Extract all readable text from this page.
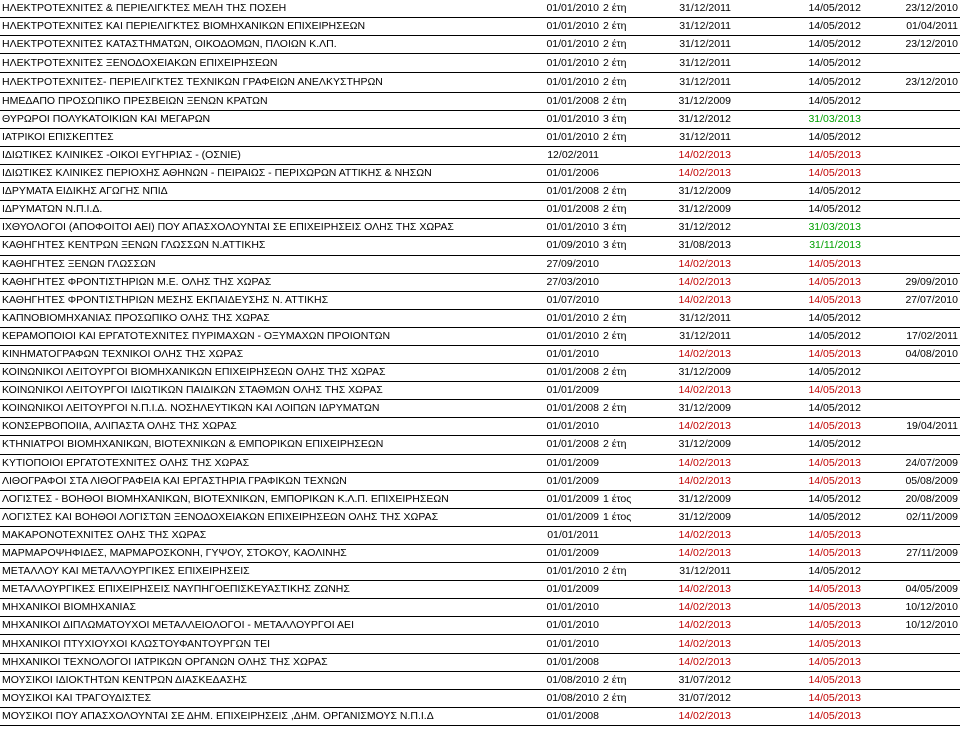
ΗΛΕΚΤΡΟΤΕΧΝΙΤΕΣ & ΠΕΡΙΕΛΙΓΚΤΕΣ ΜΕΛΗ ΤΗΣ ΠΟΣΕΗ	01/01/2010	2 έτη	31/12/2011	14/05/2012	23/12/2010
ΗΛΕΚΤΡΟΤΕΧΝΙΤΕΣ ΚΑΙ ΠΕΡΙΕΛΙΓΚΤΕΣ ΒΙΟΜΗΧΑΝΙΚΩΝ ΕΠΙΧΕΙΡΗΣΕΩΝ	01/01/2010	2 έτη	31/12/2011	14/05/2012	01/04/2011
ΗΛΕΚΤΡΟΤΕΧΝΙΤΕΣ ΚΑΤΑΣΤΗΜΑΤΩΝ, ΟΙΚΟΔΟΜΩΝ, ΠΛΟΙΩΝ Κ.ΛΠ.	01/01/2010	2 έτη	31/12/2011	14/05/2012	23/12/2010
ΗΛΕΚΤΡΟΤΕΧΝΙΤΕΣ ΞΕΝΟΔΟΧΕΙΑΚΩΝ ΕΠΙΧΕΙΡΗΣΕΩΝ	01/01/2010	2 έτη	31/12/2011	14/05/2012	
ΗΛΕΚΤΡΟΤΕΧΝΙΤΕΣ- ΠΕΡΙΕΛΙΓΚΤΕΣ ΤΕΧΝΙΚΩΝ ΓΡΑΦΕΙΩΝ ΑΝΕΛΚΥΣΤΗΡΩΝ	01/01/2010	2 έτη	31/12/2011	14/05/2012	23/12/2010
ΗΜΕΔΑΠΟ ΠΡΟΣΩΠΙΚΟ ΠΡΕΣΒΕΙΩΝ ΞΕΝΩΝ ΚΡΑΤΩΝ	01/01/2008	2 έτη	31/12/2009	14/05/2012	
ΘΥΡΩΡΟΙ ΠΟΛΥΚΑΤΟΙΚΙΩΝ ΚΑΙ ΜΕΓΑΡΩΝ	01/01/2010	3 έτη	31/12/2012	31/03/2013	
ΙΑΤΡΙΚΟΙ ΕΠΙΣΚΕΠΤΕΣ	01/01/2010	2 έτη	31/12/2011	14/05/2012	
ΙΔΙΩΤΙΚΕΣ ΚΛΙΝΙΚΕΣ -ΟΙΚΟΙ ΕΥΓΗΡΙΑΣ - (ΟΣΝΙΕ)	12/02/2011		14/02/2013	14/05/2013	
ΙΔΙΩΤΙΚΕΣ ΚΛΙΝΙΚΕΣ ΠΕΡΙΟΧΗΣ ΑΘΗΝΩΝ - ΠΕΙΡΑΙΩΣ - ΠΕΡΙΧΩΡΩΝ ΑΤΤΙΚΗΣ & ΝΗΣΩΝ	01/01/2006		14/02/2013	14/05/2013	
ΙΔΡΥΜΑΤΑ ΕΙΔΙΚΗΣ ΑΓΩΓΗΣ ΝΠΙΔ	01/01/2008	2 έτη	31/12/2009	14/05/2012	
ΙΔΡΥΜΑΤΩΝ Ν.Π.Ι.Δ.	01/01/2008	2 έτη	31/12/2009	14/05/2012	
ΙΧΘΥΟΛΟΓΟΙ (ΑΠΟΦΟΙΤΟΙ ΑΕΙ) ΠΟΥ ΑΠΑΣΧΟΛΟΥΝΤΑΙ ΣΕ ΕΠΙΧΕΙΡΗΣΕΙΣ ΟΛΗΣ ΤΗΣ ΧΩΡΑΣ	01/01/2010	3 έτη	31/12/2012	31/03/2013	
ΚΑΘΗΓΗΤΕΣ ΚΕΝΤΡΩΝ ΞΕΝΩΝ ΓΛΩΣΣΩΝ Ν.ΑΤΤΙΚΗΣ	01/09/2010	3 έτη	31/08/2013	31/11/2013	
ΚΑΘΗΓΗΤΕΣ ΞΕΝΩΝ ΓΛΩΣΣΩΝ	27/09/2010		14/02/2013	14/05/2013	
ΚΑΘΗΓΗΤΕΣ ΦΡΟΝΤΙΣΤΗΡΙΩΝ Μ.Ε. ΟΛΗΣ ΤΗΣ ΧΩΡΑΣ	27/03/2010		14/02/2013	14/05/2013	29/09/2010
ΚΑΘΗΓΗΤΕΣ ΦΡΟΝΤΙΣΤΗΡΙΩΝ ΜΕΣΗΣ ΕΚΠΑΙΔΕΥΣΗΣ Ν. ΑΤΤΙΚΗΣ	01/07/2010		14/02/2013	14/05/2013	27/07/2010
ΚΑΠΝΟΒΙΟΜΗΧΑΝΙΑΣ ΠΡΟΣΩΠΙΚΟ ΟΛΗΣ ΤΗΣ ΧΩΡΑΣ	01/01/2010	2 έτη	31/12/2011	14/05/2012	
ΚΕΡΑΜΟΠΟΙΟΙ ΚΑΙ ΕΡΓΑΤΟΤΕΧΝΙΤΕΣ ΠΥΡΙΜΑΧΩΝ - ΟΞΥΜΑΧΩΝ ΠΡΟΙΟΝΤΩΝ	01/01/2010	2 έτη	31/12/2011	14/05/2012	17/02/2011
ΚΙΝΗΜΑΤΟΓΡΑΦΩΝ ΤΕΧΝΙΚΟΙ ΟΛΗΣ ΤΗΣ ΧΩΡΑΣ	01/01/2010		14/02/2013	14/05/2013	04/08/2010
ΚΟΙΝΩΝΙΚΟΙ ΛΕΙΤΟΥΡΓΟΙ ΒΙΟΜΗΧΑΝΙΚΩΝ ΕΠΙΧΕΙΡΗΣΕΩΝ ΟΛΗΣ ΤΗΣ ΧΩΡΑΣ	01/01/2008	2 έτη	31/12/2009	14/05/2012	
ΚΟΙΝΩΝΙΚΟΙ ΛΕΙΤΟΥΡΓΟΙ ΙΔΙΩΤΙΚΩΝ ΠΑΙΔΙΚΩΝ ΣΤΑΘΜΩΝ ΟΛΗΣ ΤΗΣ ΧΩΡΑΣ	01/01/2009		14/02/2013	14/05/2013	
ΚΟΙΝΩΝΙΚΟΙ ΛΕΙΤΟΥΡΓΟΙ Ν.Π.Ι.Δ. ΝΟΣΗΛΕΥΤΙΚΩΝ ΚΑΙ ΛΟΙΠΩΝ ΙΔΡΥΜΑΤΩΝ	01/01/2008	2 έτη	31/12/2009	14/05/2012	
ΚΟΝΣΕΡΒΟΠΟΙΙΑ, ΑΛΙΠΑΣΤΑ ΟΛΗΣ ΤΗΣ ΧΩΡΑΣ	01/01/2010		14/02/2013	14/05/2013	19/04/2011
ΚΤΗΝΙΑΤΡΟΙ ΒΙΟΜΗΧΑΝΙΚΩΝ, ΒΙΟΤΕΧΝΙΚΩΝ & ΕΜΠΟΡΙΚΩΝ ΕΠΙΧΕΙΡΗΣΕΩΝ	01/01/2008	2 έτη	31/12/2009	14/05/2012	
ΚΥΤΙΟΠΟΙΟΙ ΕΡΓΑΤΟΤΕΧΝΙΤΕΣ ΟΛΗΣ ΤΗΣ ΧΩΡΑΣ	01/01/2009		14/02/2013	14/05/2013	24/07/2009
ΛΙΘΟΓΡΑΦΟΙ ΣΤΑ ΛΙΘΟΓΡΑΦΕΙΑ ΚΑΙ ΕΡΓΑΣΤΗΡΙΑ ΓΡΑΦΙΚΩΝ ΤΕΧΝΩΝ	01/01/2009		14/02/2013	14/05/2013	05/08/2009
ΛΟΓΙΣΤΕΣ - ΒΟΗΘΟΙ ΒΙΟΜΗΧΑΝΙΚΩΝ, ΒΙΟΤΕΧΝΙΚΩΝ, ΕΜΠΟΡΙΚΩΝ Κ.Λ.Π. ΕΠΙΧΕΙΡΗΣΕΩΝ	01/01/2009	1 έτος	31/12/2009	14/05/2012	20/08/2009
ΛΟΓΙΣΤΕΣ ΚΑΙ ΒΟΗΘΟΙ ΛΟΓΙΣΤΩΝ ΞΕΝΟΔΟΧΕΙΑΚΩΝ ΕΠΙΧΕΙΡΗΣΕΩΝ ΟΛΗΣ ΤΗΣ ΧΩΡΑΣ	01/01/2009	1 έτος	31/12/2009	14/05/2012	02/11/2009
ΜΑΚΑΡΟΝΟΤΕΧΝΙΤΕΣ ΟΛΗΣ ΤΗΣ ΧΩΡΑΣ	01/01/2011		14/02/2013	14/05/2013	
ΜΑΡΜΑΡΟΨΗΦΙΔΕΣ, ΜΑΡΜΑΡΟΣΚΟΝΗ, ΓΥΨΟΥ, ΣΤΟΚΟΥ, ΚΑΟΛΙΝΗΣ	01/01/2009		14/02/2013	14/05/2013	27/11/2009
ΜΕΤΑΛΛΟΥ ΚΑΙ ΜΕΤΑΛΛΟΥΡΓΙΚΕΣ ΕΠΙΧΕΙΡΗΣΕΙΣ	01/01/2010	2 έτη	31/12/2011	14/05/2012	
ΜΕΤΑΛΛΟΥΡΓΙΚΕΣ ΕΠΙΧΕΙΡΗΣΕΙΣ ΝΑΥΠΗΓΟΕΠΙΣΚΕΥΑΣΤΙΚΗΣ ΖΩΝΗΣ	01/01/2009		14/02/2013	14/05/2013	04/05/2009
ΜΗΧΑΝΙΚΟΙ ΒΙΟΜΗΧΑΝΙΑΣ	01/01/2010		14/02/2013	14/05/2013	10/12/2010
ΜΗΧΑΝΙΚΟΙ ΔΙΠΛΩΜΑΤΟΥΧΟΙ ΜΕΤΑΛΛΕΙΟΛΟΓΟΙ - ΜΕΤΑΛΛΟΥΡΓΟΙ ΑΕΙ	01/01/2010		14/02/2013	14/05/2013	10/12/2010
ΜΗΧΑΝΙΚΟΙ ΠΤΥΧΙΟΥΧΟΙ ΚΛΩΣΤΟΥΦΑΝΤΟΥΡΓΩΝ ΤΕΙ	01/01/2010		14/02/2013	14/05/2013	
ΜΗΧΑΝΙΚΟΙ ΤΕΧΝΟΛΟΓΟΙ ΙΑΤΡΙΚΩΝ ΟΡΓΑΝΩΝ ΟΛΗΣ ΤΗΣ ΧΩΡΑΣ	01/01/2008		14/02/2013	14/05/2013	
ΜΟΥΣΙΚΟΙ ΙΔΙΟΚΤΗΤΩΝ ΚΕΝΤΡΩΝ ΔΙΑΣΚΕΔΑΣΗΣ	01/08/2010	2 έτη	31/07/2012	14/05/2013	
ΜΟΥΣΙΚΟΙ ΚΑΙ ΤΡΑΓΟΥΔΙΣΤΕΣ	01/08/2010	2 έτη	31/07/2012	14/05/2013	
ΜΟΥΣΙΚΟΙ ΠΟΥ ΑΠΑΣΧΟΛΟΥΝΤΑΙ ΣΕ ΔΗΜ. ΕΠΙΧΕΙΡΗΣΕΙΣ ,ΔΗΜ. ΟΡΓΑΝΙΣΜΟΥΣ Ν.Π.Ι.Δ	01/01/2008		14/02/2013	14/05/2013	
